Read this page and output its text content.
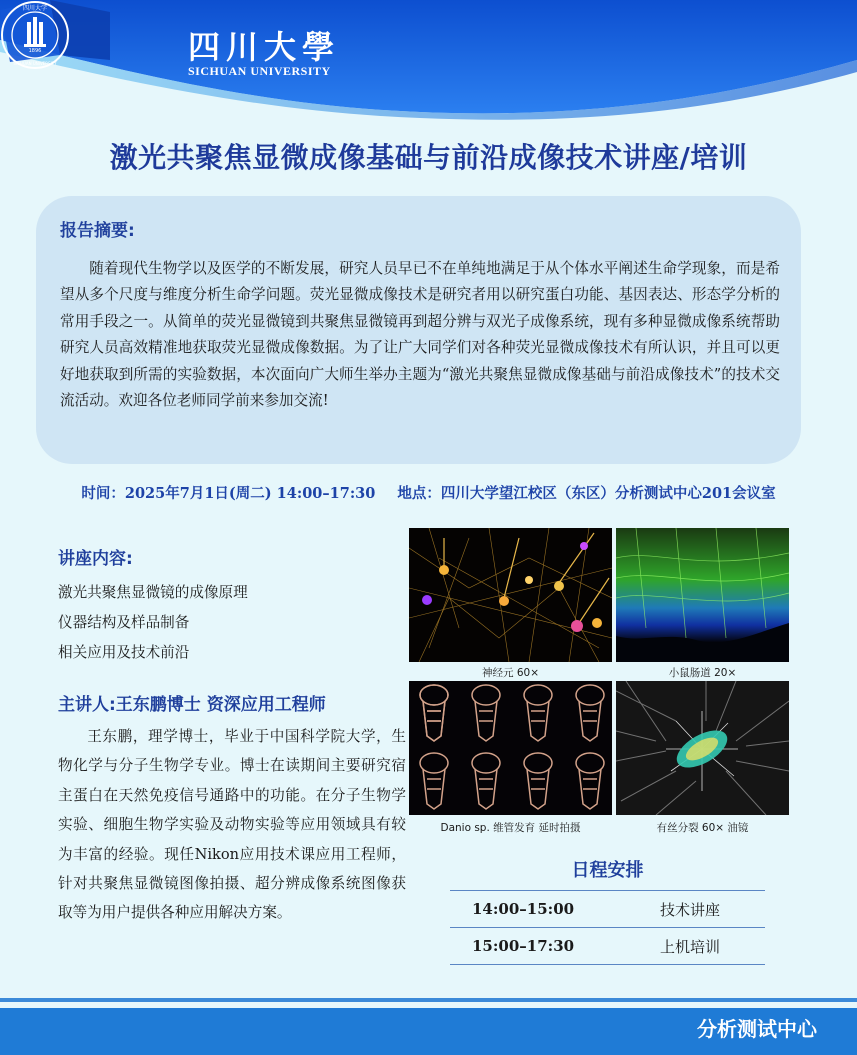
1896
四川大学
SICHUAN UNIVERSITY	四川大學
SICHUAN UNIVERSITY
激光共聚焦显微成像基础与前沿成像技术讲座/培训
报告摘要:
随着现代生物学以及医学的不断发展，研究人员早已不在单纯地满足于从个体水平阐述生命学现象，而是希望从多个尺度与维度分析生命学问题。荧光显微成像技术是研究者用以研究蛋白功能、基因表达、形态学分析的常用手段之一。从简单的荧光显微镜到共聚焦显微镜再到超分辨与双光子成像系统，现有多种显微成像系统帮助研究人员高效精准地获取荧光显微成像数据。为了让广大同学们对各种荧光显微成像技术有所认识，并且可以更好地获取到所需的实验数据，本次面向广大师生举办主题为“激光共聚焦显微成像基础与前沿成像技术”的技术交流活动。欢迎各位老师同学前来参加交流!
时间：2025年7月1日(周二) 14:00–17:30 地点：四川大学望江校区（东区）分析测试中心201会议室
讲座内容:
激光共聚焦显微镜的成像原理
仪器结构及样品制备
相关应用及技术前沿
主讲人:王东鹏博士 资深应用工程师
王东鹏，理学博士，毕业于中国科学院大学，生物化学与分子生物学专业。博士在读期间主要研究宿主蛋白在天然免疫信号通路中的功能。在分子生物学实验、细胞生物学实验及动物实验等应用领域具有较为丰富的经验。现任Nikon应用技术课应用工程师，针对共聚焦显微镜图像拍摄、超分辨成像系统图像获取等为用户提供各种应用解决方案。
神经元 60×	小鼠肠道 20×
Danio sp. 维管发育 延时拍摄	有丝分裂 60× 油镜
日程安排
14:00–15:00	技术讲座
15:00–17:30	上机培训
分析测试中心
